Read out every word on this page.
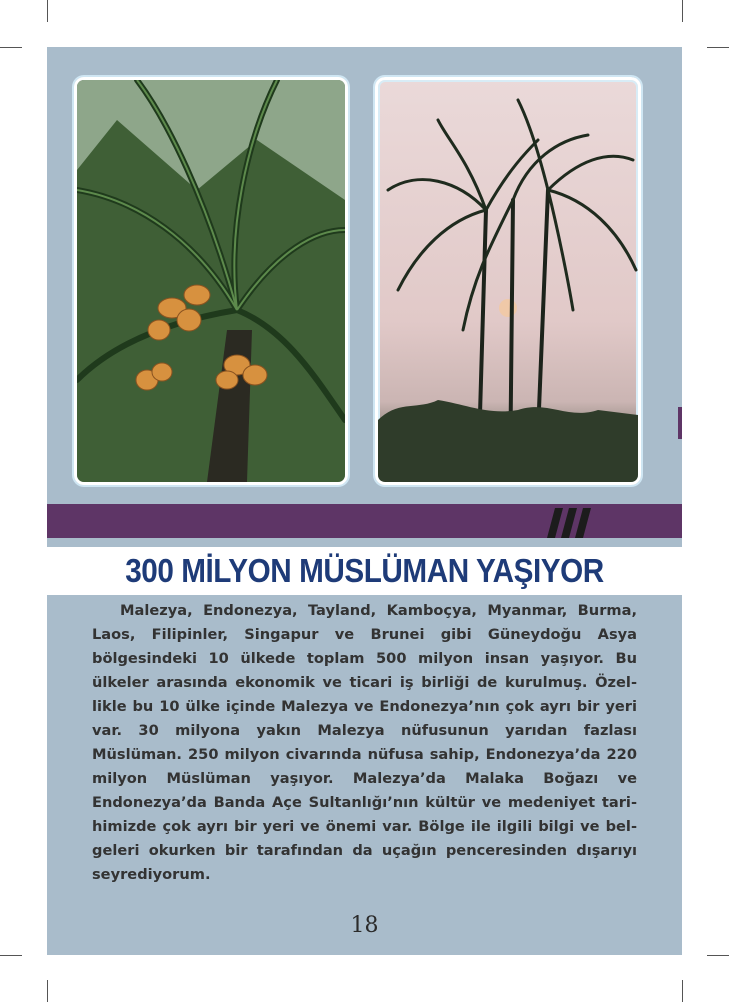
300 MİLYON MÜSLÜMAN YAŞIYOR

Malezya, Endonezya, Tayland, Kamboçya, Myanmar, Burma, Laos, Filipinler, Singapur ve Brunei gibi Güneydoğu Asya bölgesindeki 10 ülkede toplam 500 milyon insan yaşıyor. Bu ülkeler arasında ekonomik ve ticari iş birliği de kurulmuş. Özellikle bu 10 ülke içinde Malezya ve Endonezya’nın çok ayrı bir yeri var. 30 milyona yakın Malezya nüfusunun yarıdan fazlası Müslüman. 250 milyon civarında nüfusa sahip, Endonezya’da 220 milyon Müslüman yaşıyor. Malezya’da Malaka Boğazı ve Endonezya’da Banda Açe Sultanlığı’nın kültür ve medeniyet tarihimizde çok ayrı bir yeri ve önemi var. Bölge ile ilgili bilgi ve belgeleri okurken bir tarafından da uçağın penceresinden dışarıyı seyrediyorum.

18
